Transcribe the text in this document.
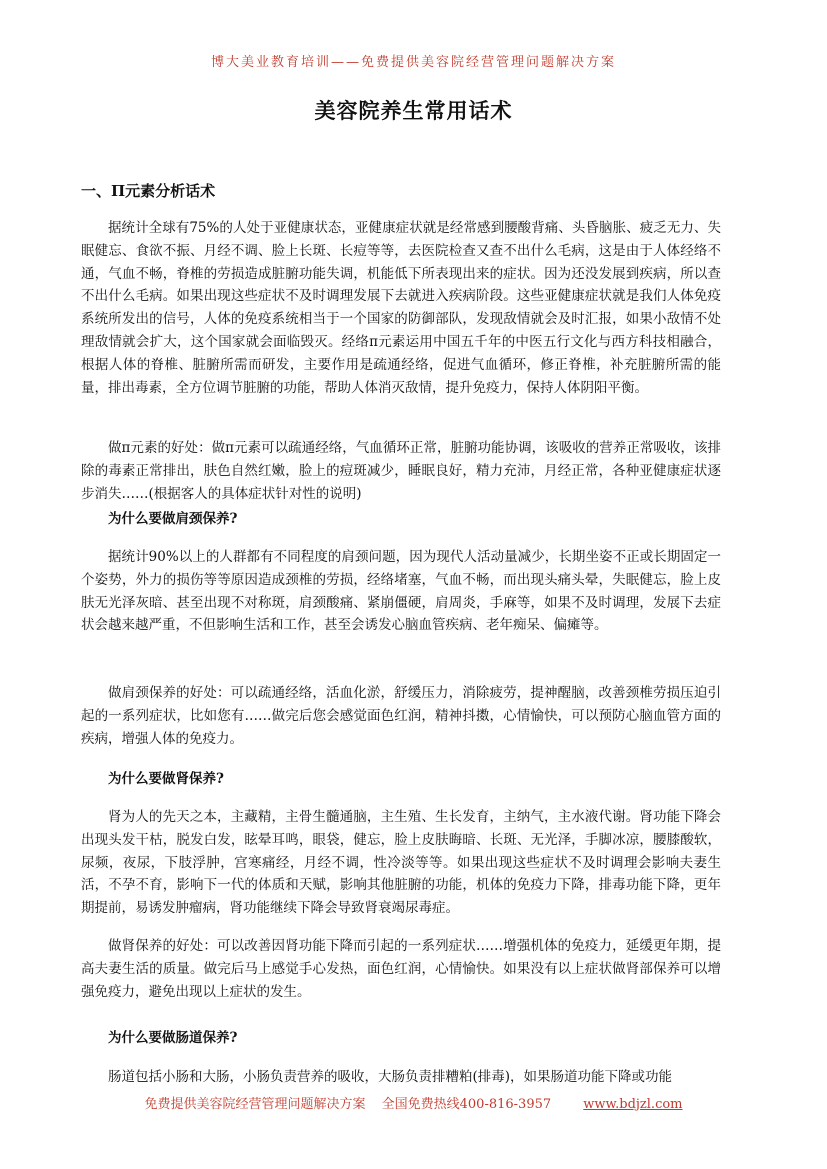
博大美业教育培训——免费提供美容院经营管理问题解决方案
美容院养生常用话术
一、Π元素分析话术

据统计全球有75%的人处于亚健康状态，亚健康症状就是经常感到腰酸背痛、头昏脑胀、疲乏无力、失眠健忘、食欲不振、月经不调、脸上长斑、长痘等等，去医院检查又查不出什么毛病，这是由于人体经络不通，气血不畅，脊椎的劳损造成脏腑功能失调，机能低下所表现出来的症状。因为还没发展到疾病，所以查不出什么毛病。如果出现这些症状不及时调理发展下去就进入疾病阶段。这些亚健康症状就是我们人体免疫系统所发出的信号，人体的免疫系统相当于一个国家的防御部队，发现敌情就会及时汇报，如果小敌情不处理敌情就会扩大，这个国家就会面临毁灭。经络π元素运用中国五千年的中医五行文化与西方科技相融合，根据人体的脊椎、脏腑所需而研发，主要作用是疏通经络，促进气血循环，修正脊椎，补充脏腑所需的能量，排出毒素，全方位调节脏腑的功能，帮助人体消灭敌情，提升免疫力，保持人体阴阳平衡。

做π元素的好处：做π元素可以疏通经络，气血循环正常，脏腑功能协调，该吸收的营养正常吸收，该排除的毒素正常排出，肤色自然红嫩，脸上的痘斑减少，睡眠良好，精力充沛，月经正常，各种亚健康症状逐步消失……(根据客人的具体症状针对性的说明)

为什么要做肩颈保养?

据统计90%以上的人群都有不同程度的肩颈问题，因为现代人活动量减少，长期坐姿不正或长期固定一个姿势，外力的损伤等等原因造成颈椎的劳损，经络堵塞，气血不畅，而出现头痛头晕，失眠健忘，脸上皮肤无光泽灰暗、甚至出现不对称斑，肩颈酸痛、紧崩僵硬，肩周炎，手麻等，如果不及时调理，发展下去症状会越来越严重，不但影响生活和工作，甚至会诱发心脑血管疾病、老年痴呆、偏瘫等。

做肩颈保养的好处：可以疏通经络，活血化淤，舒缓压力，消除疲劳，提神醒脑，改善颈椎劳损压迫引起的一系列症状，比如您有……做完后您会感觉面色红润，精神抖擞，心情愉快，可以预防心脑血管方面的疾病，增强人体的免疫力。

为什么要做肾保养?

肾为人的先天之本，主藏精，主骨生髓通脑，主生殖、生长发育，主纳气，主水液代谢。肾功能下降会出现头发干枯，脱发白发，眩晕耳鸣，眼袋，健忘，脸上皮肤晦暗、长斑、无光泽，手脚冰凉，腰膝酸软，尿频，夜尿，下肢浮肿，宫寒痛经，月经不调，性冷淡等等。如果出现这些症状不及时调理会影响夫妻生活，不孕不育，影响下一代的体质和天赋，影响其他脏腑的功能，机体的免疫力下降，排毒功能下降，更年期提前，易诱发肿瘤病，肾功能继续下降会导致肾衰竭尿毒症。

做肾保养的好处：可以改善因肾功能下降而引起的一系列症状……增强机体的免疫力，延缓更年期，提高夫妻生活的质量。做完后马上感觉手心发热，面色红润，心情愉快。如果没有以上症状做肾部保养可以增强免疫力，避免出现以上症状的发生。

为什么要做肠道保养?

肠道包括小肠和大肠，小肠负责营养的吸收，大肠负责排糟粕(排毒)，如果肠道功能下降或功能

免费提供美容院经营管理问题解决方案 全国免费热线400-816-3957 www.bdjzl.com
